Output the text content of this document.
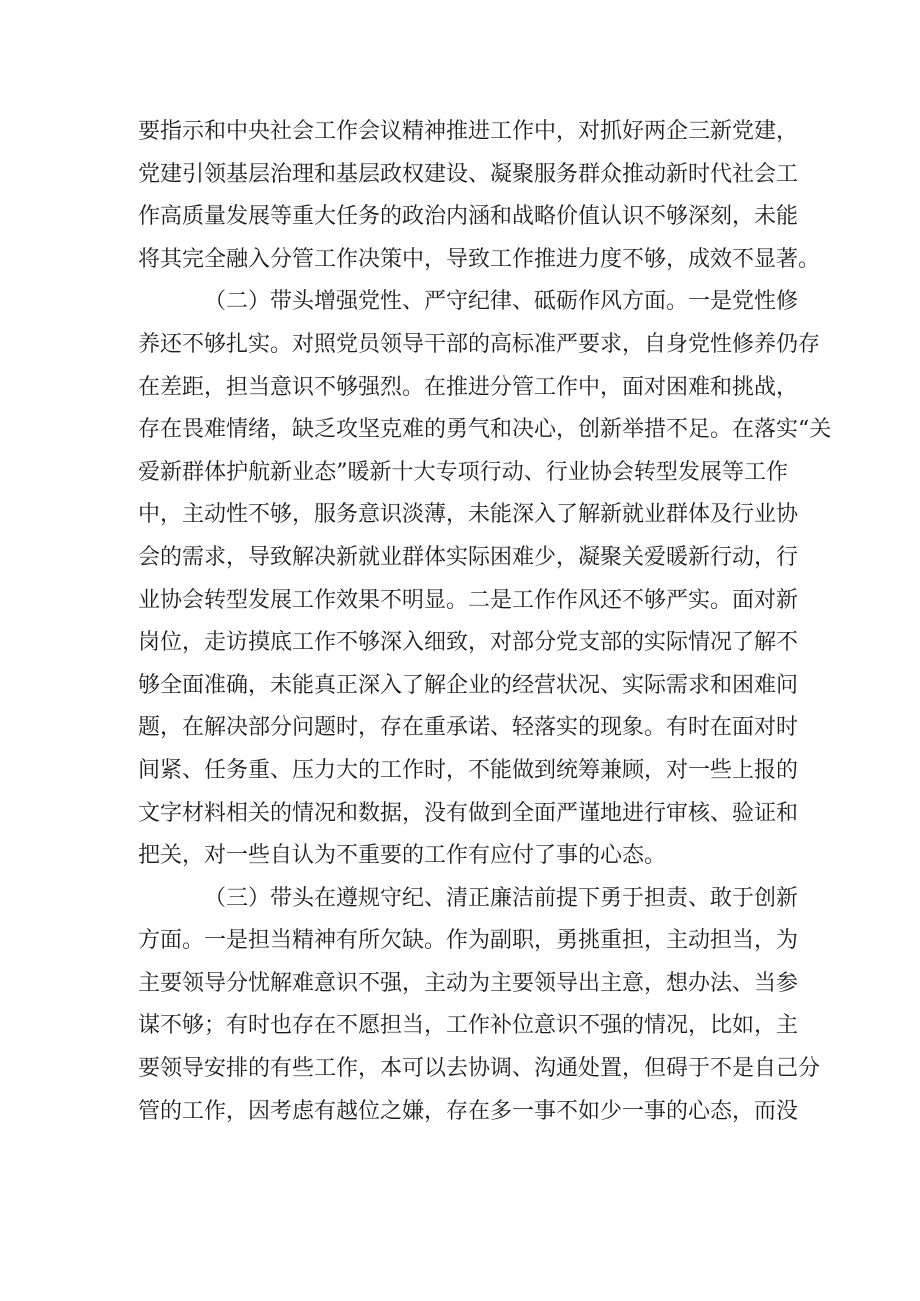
要指示和中央社会工作会议精神推进工作中，对抓好两企三新党建，
党建引领基层治理和基层政权建设、凝聚服务群众推动新时代社会工
作高质量发展等重大任务的政治内涵和战略价值认识不够深刻，未能
将其完全融入分管工作决策中，导致工作推进力度不够，成效不显著。
（二）带头增强党性、严守纪律、砥砺作风方面。一是党性修
养还不够扎实。对照党员领导干部的高标准严要求，自身党性修养仍存
在差距，担当意识不够强烈。在推进分管工作中，面对困难和挑战，
存在畏难情绪，缺乏攻坚克难的勇气和决心，创新举措不足。在落实“关
爱新群体护航新业态”暖新十大专项行动、行业协会转型发展等工作
中，主动性不够，服务意识淡薄，未能深入了解新就业群体及行业协
会的需求，导致解决新就业群体实际困难少，凝聚关爱暖新行动，行
业协会转型发展工作效果不明显。二是工作作风还不够严实。面对新
岗位，走访摸底工作不够深入细致，对部分党支部的实际情况了解不
够全面准确，未能真正深入了解企业的经营状况、实际需求和困难问
题，在解决部分问题时，存在重承诺、轻落实的现象。有时在面对时
间紧、任务重、压力大的工作时，不能做到统筹兼顾，对一些上报的
文字材料相关的情况和数据，没有做到全面严谨地进行审核、验证和
把关，对一些自认为不重要的工作有应付了事的心态。
（三）带头在遵规守纪、清正廉洁前提下勇于担责、敢于创新
方面。一是担当精神有所欠缺。作为副职，勇挑重担，主动担当，为
主要领导分忧解难意识不强，主动为主要领导出主意，想办法、当参
谋不够；有时也存在不愿担当，工作补位意识不强的情况，比如，主
要领导安排的有些工作，本可以去协调、沟通处置，但碍于不是自己分
管的工作，因考虑有越位之嫌，存在多一事不如少一事的心态，而没
